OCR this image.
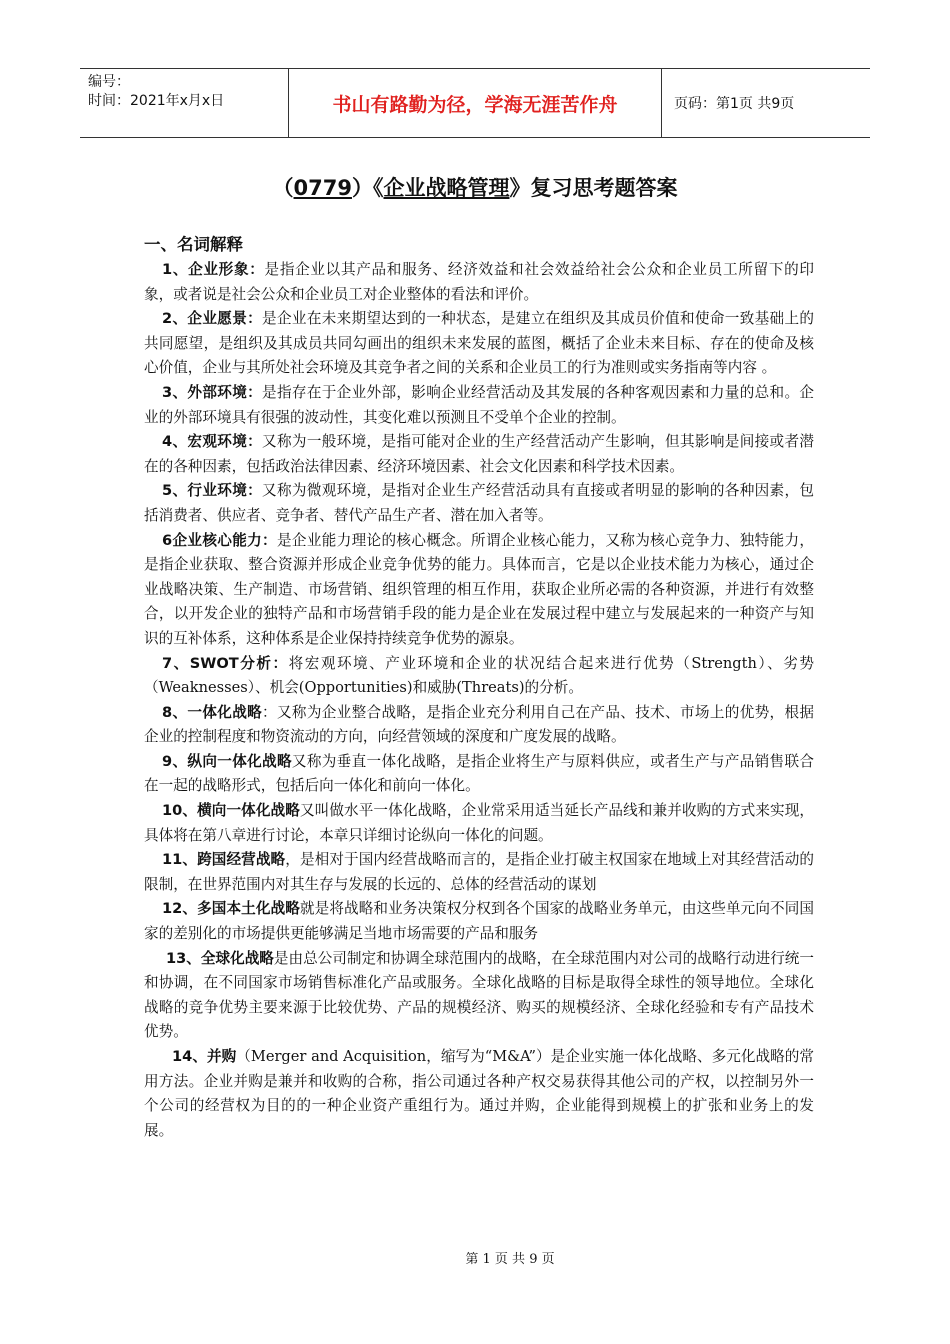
编号：
时间：2021年x月x日	书山有路勤为径，学海无涯苦作舟	页码：第1页 共9页
（0779）《企业战略管理》复习思考题答案
一、名词解释

1、企业形象：是指企业以其产品和服务、经济效益和社会效益给社会公众和企业员工所留下的印象，或者说是社会公众和企业员工对企业整体的看法和评价。

2、企业愿景：是企业在未来期望达到的一种状态，是建立在组织及其成员价值和使命一致基础上的共同愿望，是组织及其成员共同勾画出的组织未来发展的蓝图，概括了企业未来目标、存在的使命及核心价值，企业与其所处社会环境及其竞争者之间的关系和企业员工的行为准则或实务指南等内容 。

3、外部环境：是指存在于企业外部，影响企业经营活动及其发展的各种客观因素和力量的总和。企业的外部环境具有很强的波动性，其变化难以预测且不受单个企业的控制。

4、宏观环境：又称为一般环境，是指可能对企业的生产经营活动产生影响，但其影响是间接或者潜在的各种因素，包括政治法律因素、经济环境因素、社会文化因素和科学技术因素。

5、行业环境：又称为微观环境，是指对企业生产经营活动具有直接或者明显的影响的各种因素，包括消费者、供应者、竞争者、替代产品生产者、潜在加入者等。

6企业核心能力：是企业能力理论的核心概念。所谓企业核心能力，又称为核心竞争力、独特能力，是指企业获取、整合资源并形成企业竞争优势的能力。具体而言，它是以企业技术能力为核心，通过企业战略决策、生产制造、市场营销、组织管理的相互作用，获取企业所必需的各种资源，并进行有效整合，以开发企业的独特产品和市场营销手段的能力是企业在发展过程中建立与发展起来的一种资产与知识的互补体系，这种体系是企业保持持续竞争优势的源泉。

7、SWOT分析：将宏观环境、产业环境和企业的状况结合起来进行优势（Strength）、劣势（Weaknesses）、机会(Opportunities)和威胁(Threats)的分析。

8、一体化战略：又称为企业整合战略，是指企业充分利用自己在产品、技术、市场上的优势，根据企业的控制程度和物资流动的方向，向经营领域的深度和广度发展的战略。

9、纵向一体化战略又称为垂直一体化战略，是指企业将生产与原料供应，或者生产与产品销售联合在一起的战略形式，包括后向一体化和前向一体化。

10、横向一体化战略又叫做水平一体化战略，企业常采用适当延长产品线和兼并收购的方式来实现，具体将在第八章进行讨论，本章只详细讨论纵向一体化的问题。

11、跨国经营战略，是相对于国内经营战略而言的，是指企业打破主权国家在地域上对其经营活动的限制，在世界范围内对其生存与发展的长远的、总体的经营活动的谋划

12、多国本土化战略就是将战略和业务决策权分权到各个国家的战略业务单元，由这些单元向不同国家的差别化的市场提供更能够满足当地市场需要的产品和服务

13、全球化战略是由总公司制定和协调全球范围内的战略，在全球范围内对公司的战略行动进行统一和协调，在不同国家市场销售标准化产品或服务。全球化战略的目标是取得全球性的领导地位。全球化战略的竞争优势主要来源于比较优势、产品的规模经济、购买的规模经济、全球化经验和专有产品技术优势。

14、并购（Merger and Acquisition，缩写为“M&A”）是企业实施一体化战略、多元化战略的常用方法。企业并购是兼并和收购的合称，指公司通过各种产权交易获得其他公司的产权，以控制另外一个公司的经营权为目的的一种企业资产重组行为。通过并购，企业能得到规模上的扩张和业务上的发展。

第 1 页 共 9 页
